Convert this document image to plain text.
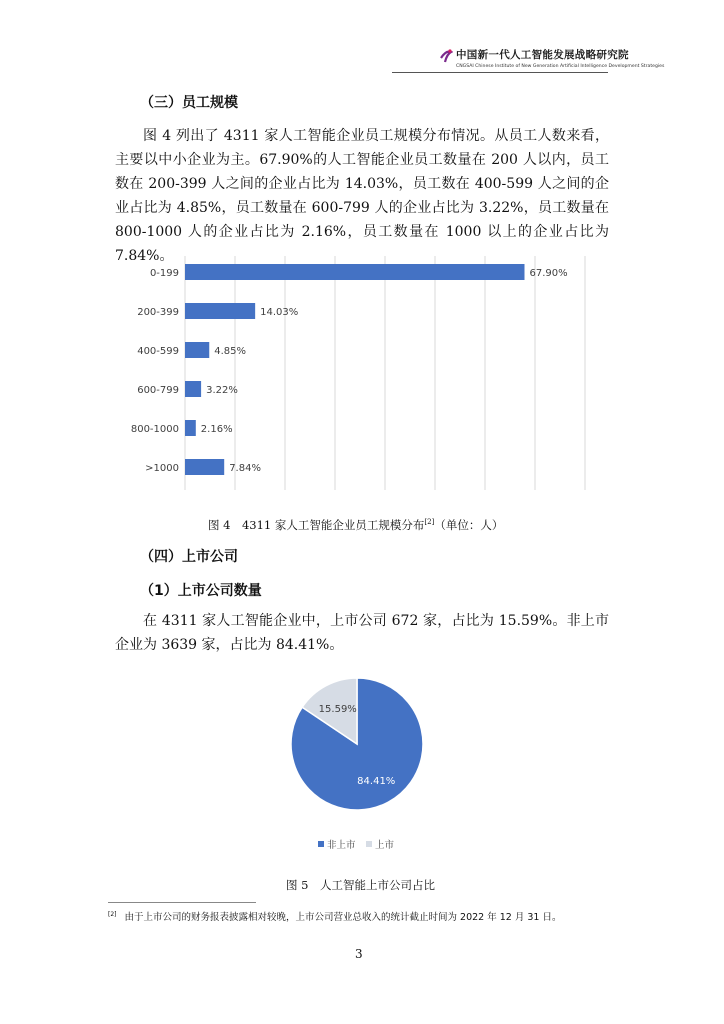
中国新一代人工智能发展战略研究院
CNGSAI Chinese Institute of New Generation Artificial Intelligence Development Strategies
（三）员工规模
图 4 列出了 4311 家人工智能企业员工规模分布情况。从员工人数来看，主要以中小企业为主。67.90%的人工智能企业员工数量在 200 人以内，员工数在 200-399 人之间的企业占比为 14.03%，员工数在 400-599 人之间的企业占比为 4.85%，员工数量在 600-799 人的企业占比为 3.22%，员工数量在 800-1000 人的企业占比为 2.16%，员工数量在 1000 以上的企业占比为 7.84%。
0-199	67.90%
200-399	14.03%
400-599	4.85%
600-799	3.22%
800-1000 2.16%
>1000	7.84%
图 4　4311 家人工智能企业员工规模分布[2]（单位：人）
（四）上市公司
（1）上市公司数量
在 4311 家人工智能企业中，上市公司 672 家，占比为 15.59%。非上市企业为 3639 家，占比为 84.41%。
84.41%
15.59%
非上市 上市
图 5　人工智能上市公司占比
[2] 由于上市公司的财务报表披露相对较晚，上市公司营业总收入的统计截止时间为 2022 年 12 月 31 日。
3
